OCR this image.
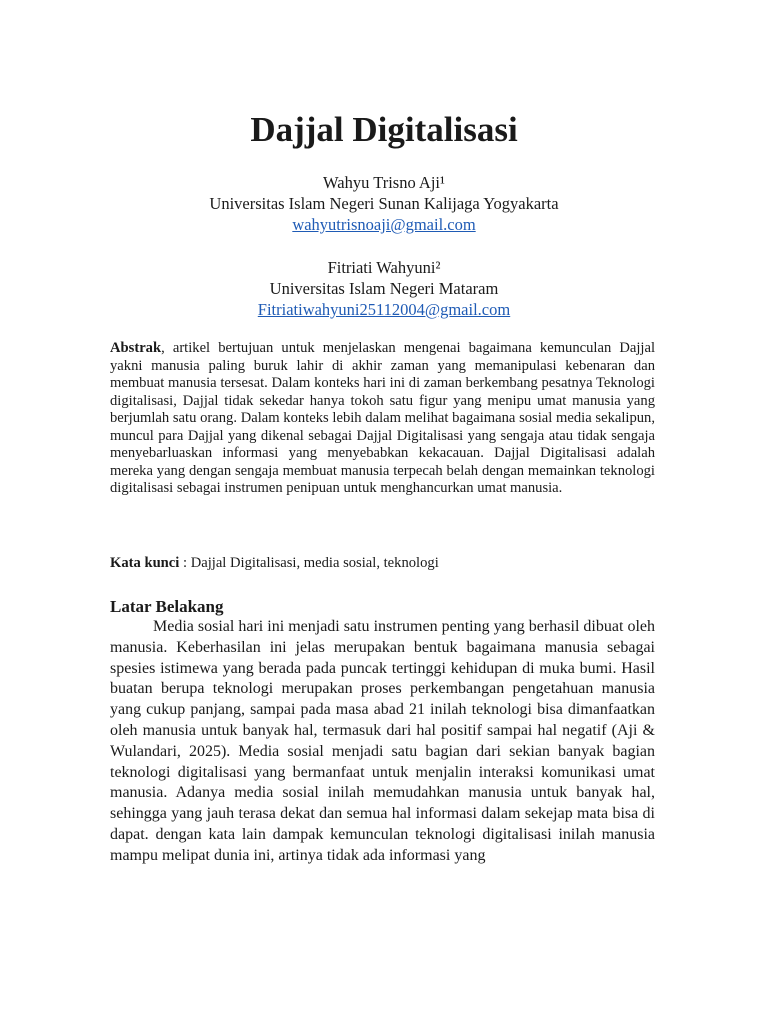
Dajjal Digitalisasi
Wahyu Trisno Aji¹
Universitas Islam Negeri Sunan Kalijaga Yogyakarta
wahyutrisnoaji@gmail.com
Fitriati Wahyuni²
Universitas Islam Negeri Mataram
Fitriatiwahyuni25112004@gmail.com

Abstrak, artikel bertujuan untuk menjelaskan mengenai bagaimana kemunculan Dajjal yakni manusia paling buruk lahir di akhir zaman yang memanipulasi kebenaran dan membuat manusia tersesat. Dalam konteks hari ini di zaman berkembang pesatnya Teknologi digitalisasi, Dajjal tidak sekedar hanya tokoh satu figur yang menipu umat manusia yang berjumlah satu orang. Dalam konteks lebih dalam melihat bagaimana sosial media sekalipun, muncul para Dajjal yang dikenal sebagai Dajjal Digitalisasi yang sengaja atau tidak sengaja menyebarluaskan informasi yang menyebabkan kekacauan. Dajjal Digitalisasi adalah mereka yang dengan sengaja membuat manusia terpecah belah dengan memainkan teknologi digitalisasi sebagai instrumen penipuan untuk menghancurkan umat manusia.

Kata kunci : Dajjal Digitalisasi, media sosial, teknologi

Latar Belakang

Media sosial hari ini menjadi satu instrumen penting yang berhasil dibuat oleh manusia. Keberhasilan ini jelas merupakan bentuk bagaimana manusia sebagai spesies istimewa yang berada pada puncak tertinggi kehidupan di muka bumi. Hasil buatan berupa teknologi merupakan proses perkembangan pengetahuan manusia yang cukup panjang, sampai pada masa abad 21 inilah teknologi bisa dimanfaatkan oleh manusia untuk banyak hal, termasuk dari hal positif sampai hal negatif (Aji & Wulandari, 2025). Media sosial menjadi satu bagian dari sekian banyak bagian teknologi digitalisasi yang bermanfaat untuk menjalin interaksi komunikasi umat manusia. Adanya media sosial inilah memudahkan manusia untuk banyak hal, sehingga yang jauh terasa dekat dan semua hal informasi dalam sekejap mata bisa di dapat. dengan kata lain dampak kemunculan teknologi digitalisasi inilah manusia mampu melipat dunia ini, artinya tidak ada informasi yang
